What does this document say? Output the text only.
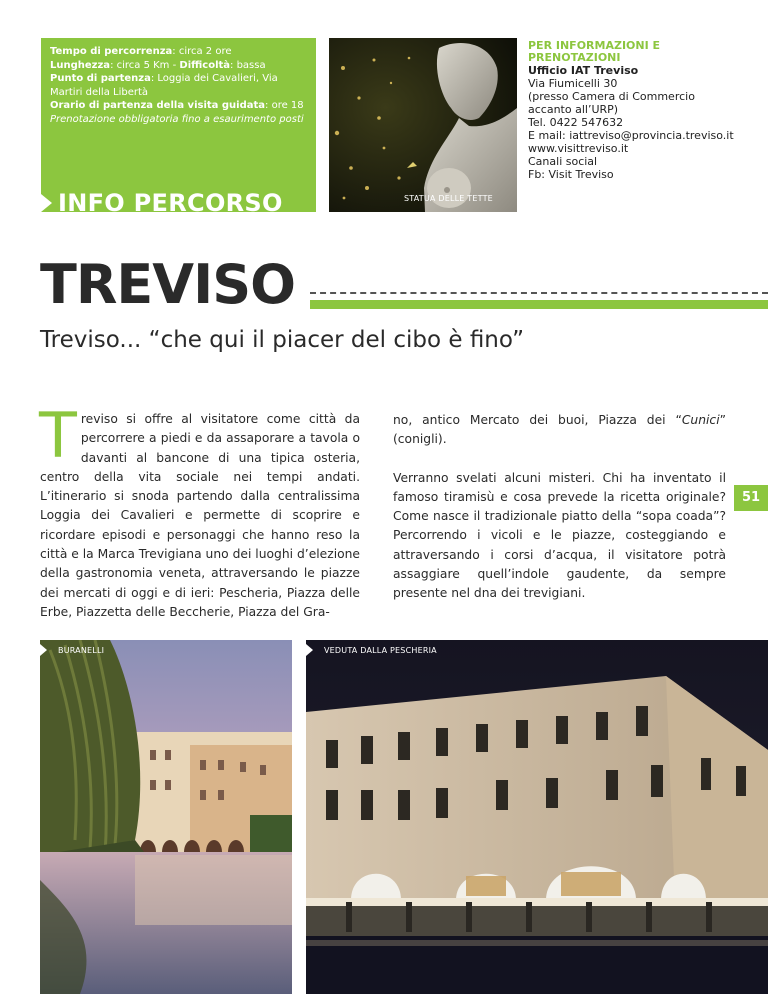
Tempo di percorrenza: circa 2 ore

Lunghezza: circa 5 Km - Difficoltà: bassa

Punto di partenza: Loggia dei Cavalieri, Via Martiri della Libertà

Orario di partenza della visita guidata: ore 18

Prenotazione obbligatoria fino a esaurimento posti

INFO PERCORSO	STATUA DELLE TETTE
PER INFORMAZIONI E
PRENOTAZIONI
Ufficio IAT Treviso
Via Fiumicelli 30
(presso Camera di Commercio
accanto all’URP)
Tel. 0422 547632
E mail: iattreviso@provincia.treviso.it
www.visittreviso.it
Canali social
Fb: Visit Treviso
TREVISO
Treviso... “che qui il piacer del cibo è fino”
Treviso si offre al visitatore come città da percorrere a piedi e da assaporare a tavola o davanti al bancone di una tipica osteria, centro della vita sociale nei tempi andati. L’itinerario si snoda partendo dalla centralissima Loggia dei Cavalieri e permette di scoprire e ricordare episodi e personaggi che hanno reso la città e la Marca Trevigiana uno dei luoghi d’elezione della gastronomia veneta, attraversando le piazze dei mercati di oggi e di ieri: Pescheria, Piazza delle Erbe, Piazzetta delle Beccherie, Piazza del Gra-

no, antico Mercato dei buoi, Piazza dei “Cunici” (conigli).

Verranno svelati alcuni misteri. Chi ha inventato il famoso tiramisù e cosa prevede la ricetta originale? Come nasce il tradizionale piatto della “sopa coada”? Percorrendo i vicoli e le piazze, costeggiando e attraversando i corsi d’acqua, il visitatore potrà assaggiare quell’indole gaudente, da sempre presente nel dna dei trevigiani.

51
BURANELLI	VEDUTA DALLA PESCHERIA
